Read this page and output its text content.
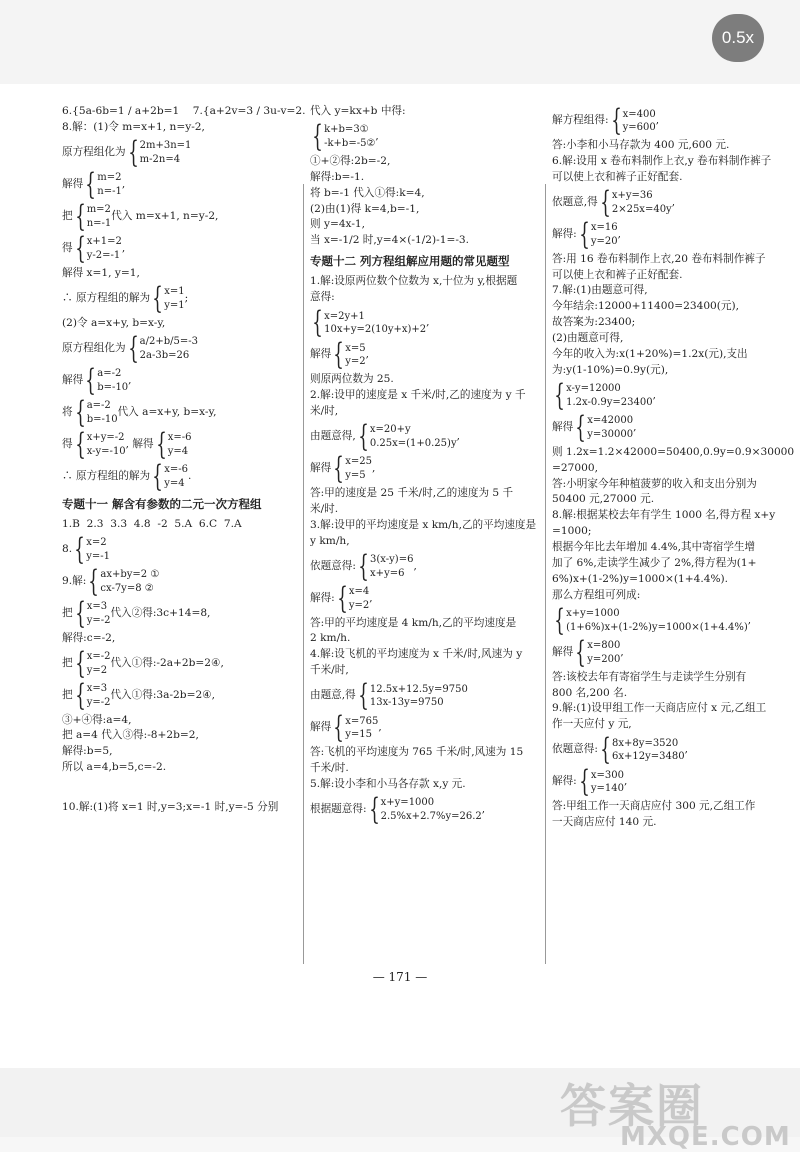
0.5x
6.{5a-6b=1 / a+2b=1    7.{a+2v=3 / 3u-v=2.
8.解：(1)令 m=x+1, n=y-2,
原方程组化为 { 2m+3n=1
m-2n=4
解得 { m=2
n=-1
,
把 { m=2
n=-1
代入 m=x+1, n=y-2,
得 { x+1=2
y-2=-1
,
解得 x=1, y=1,
∴ 原方程组的解为 { x=1
y=1
;
(2)令 a=x+y, b=x-y,
原方程组化为 { a/2+b/5=-3
2a-3b=26
解得 { a=-2
b=-10
,
将 { a=-2
b=-10
代入 a=x+y, b=x-y,
得 { x+y=-2
x-y=-10
, 解得 { x=-6
y=4
∴ 原方程组的解为 { x=-6
y=4
.
专题十一 解含有参数的二元一次方程组
1.B  2.3  3.3  4.8  -2  5.A  6.C  7.A
8. { x=2
y=-1
9.解: { ax+by=2 ①
cx-7y=8 ②
把 { x=3
y=-2
代入②得:3c+14=8,
解得:c=-2,
把 { x=-2
y=2
代入①得:-2a+2b=2④,
把 { x=3
y=-2
代入①得:3a-2b=2④,
③+④得:a=4,
把 a=4 代入③得:-8+2b=2,
解得:b=5,
所以 a=4,b=5,c=-2.
10.解:(1)将 x=1 时,y=3;x=-1 时,y=-5 分别
代入 y=kx+b 中得:
{ k+b=3①
-k+b=-5②
,
①+②得:2b=-2,
解得:b=-1.
将 b=-1 代入①得:k=4,
(2)由(1)得 k=4,b=-1,
则 y=4x-1,
当 x=-1/2 时,y=4×(-1/2)-1=-3.
专题十二 列方程组解应用题的常见题型
1.解:设原两位数个位数为 x,十位为 y,根据题
意得:
{ x=2y+1
10x+y=2(10y+x)+2
,
解得 { x=5
y=2
,
则原两位数为 25.
2.解:设甲的速度是 x 千米/时,乙的速度为 y 千
米/时,
由题意得, { x=20+y
0.25x=(1+0.25)y
,
解得 { x=25
y=5
,
答:甲的速度是 25 千米/时,乙的速度为 5 千
米/时.
3.解:设甲的平均速度是 x km/h,乙的平均速度是
y km/h,
依题意得: { 3(x-y)=6
x+y=6
,
解得: { x=4
y=2
,
答:甲的平均速度是 4 km/h,乙的平均速度是
2 km/h.
4.解:设飞机的平均速度为 x 千米/时,风速为 y
千米/时,
由题意,得 { 12.5x+12.5y=9750
13x-13y=9750
解得 { x=765
y=15
,
答:飞机的平均速度为 765 千米/时,风速为 15
千米/时.
5.解:设小李和小马各存款 x,y 元.
根据题意得: { x+y=1000
2.5%x+2.7%y=26.2
,
解方程组得: { x=400
y=600
,
答:小李和小马存款为 400 元,600 元.
6.解:设用 x 卷布料制作上衣,y 卷布料制作裤子
可以使上衣和裤子正好配套.
依题意,得 { x+y=36
2×25x=40y
,
解得: { x=16
y=20
,
答:用 16 卷布料制作上衣,20 卷布料制作裤子
可以使上衣和裤子正好配套.
7.解:(1)由题意可得,
今年结余:12000+11400=23400(元),
故答案为:23400;
(2)由题意可得,
今年的收入为:x(1+20%)=1.2x(元),支出
为:y(1-10%)=0.9y(元),
{ x-y=12000
1.2x-0.9y=23400
,
解得 { x=42000
y=30000
,
则 1.2x=1.2×42000=50400,0.9y=0.9×30000
=27000,
答:小明家今年种植菠萝的收入和支出分别为
50400 元,27000 元.
8.解:根据某校去年有学生 1000 名,得方程 x+y
=1000;
根据今年比去年增加 4.4%,其中寄宿学生增
加了 6%,走读学生减少了 2%,得方程为(1+
6%)x+(1-2%)y=1000×(1+4.4%).
那么方程组可列成:
{ x+y=1000
(1+6%)x+(1-2%)y=1000×(1+4.4%)
,
解得 { x=800
y=200
,
答:该校去年有寄宿学生与走读学生分别有
800 名,200 名.
9.解:(1)设甲组工作一天商店应付 x 元,乙组工
作一天应付 y 元,
依题意得: { 8x+8y=3520
6x+12y=3480
,
解得: { x=300
y=140
,
答:甲组工作一天商店应付 300 元,乙组工作
一天商店应付 140 元.
— 171 —
答案圈
MXQE.COM
